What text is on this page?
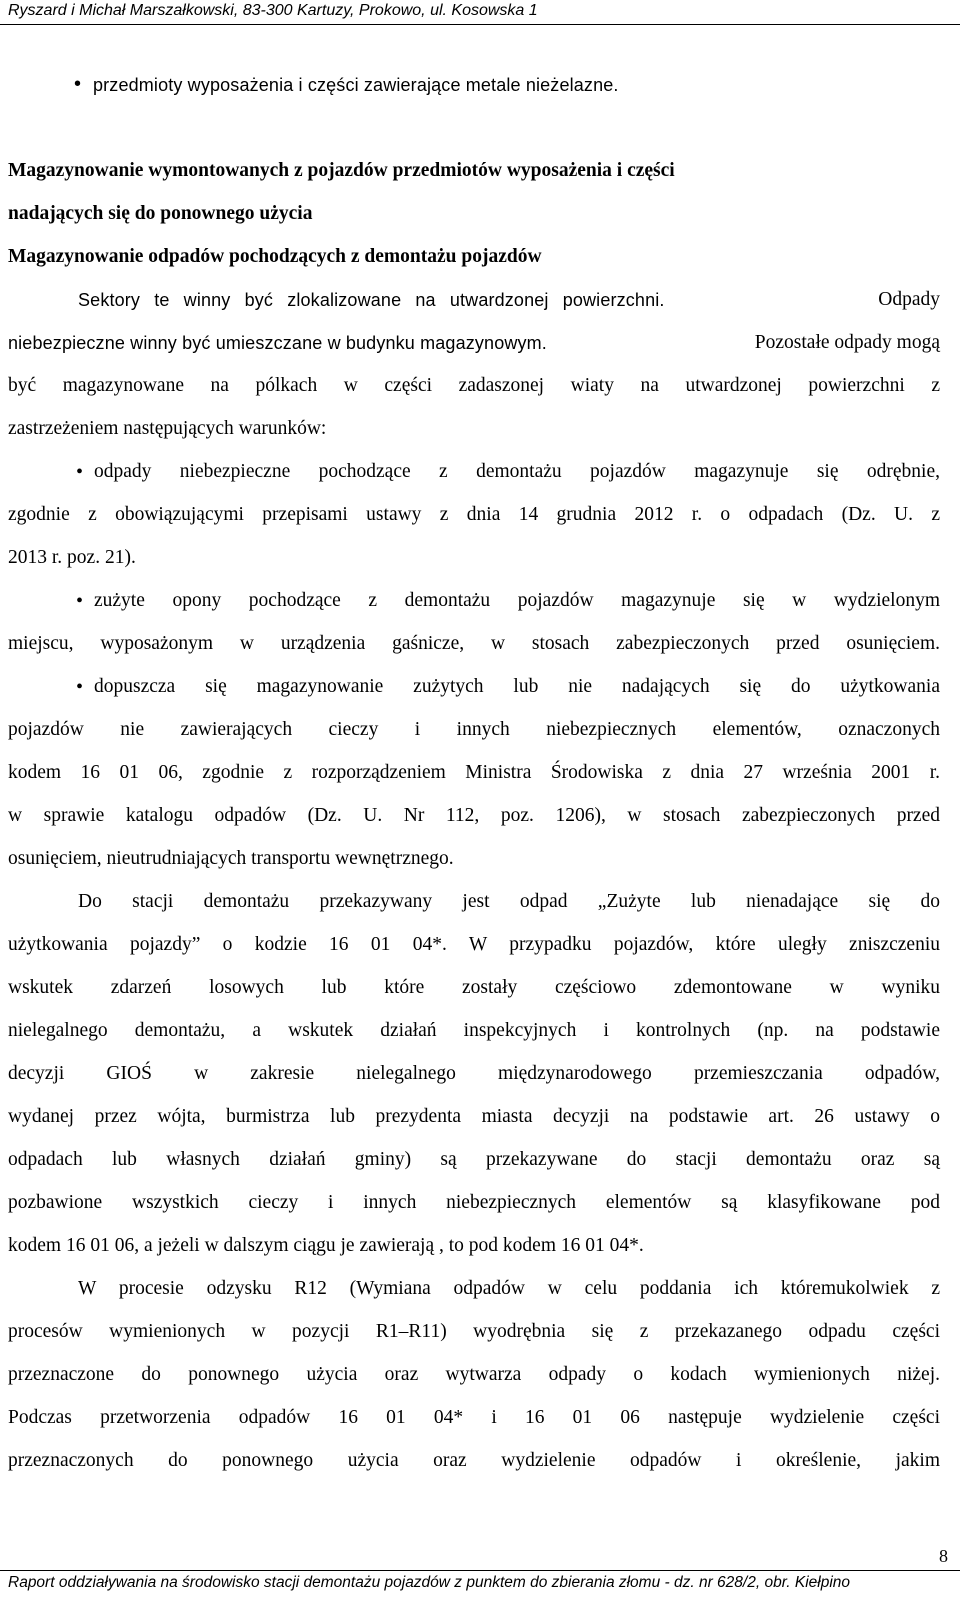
Ryszard i Michał Marszałkowski, 83-300 Kartuzy, Prokowo, ul. Kosowska 1
• przedmioty wyposażenia i części zawierające metale nieżelazne.
Magazynowanie wymontowanych z pojazdów przedmiotów wyposażenia i części
nadających się do ponownego użycia
Magazynowanie odpadów pochodzących z demontażu pojazdów
Sektory te winny być zlokalizowane na utwardzonej powierzchni.	Odpady
niebezpieczne winny być umieszczane w budynku magazynowym.	Pozostałe odpady mogą
być magazynowane na pólkach w części zadaszonej wiaty na utwardzonej powierzchni z
zastrzeżeniem następujących warunków:
• odpady niebezpieczne pochodzące z demontażu pojazdów magazynuje się odrębnie,
zgodnie z obowiązującymi przepisami ustawy z dnia 14 grudnia 2012 r. o odpadach (Dz. U. z
2013 r. poz. 21).
• zużyte opony pochodzące z demontażu pojazdów magazynuje się w wydzielonym
miejscu, wyposażonym w urządzenia gaśnicze, w stosach zabezpieczonych przed osunięciem.
• dopuszcza się magazynowanie zużytych lub nie nadających się do użytkowania
pojazdów nie zawierających cieczy i innych niebezpiecznych elementów, oznaczonych
kodem 16 01 06, zgodnie z rozporządzeniem Ministra Środowiska z dnia 27 września 2001 r.
w sprawie katalogu odpadów (Dz. U. Nr 112, poz. 1206), w stosach zabezpieczonych przed
osunięciem, nieutrudniających transportu wewnętrznego.
Do stacji demontażu przekazywany jest odpad „Zużyte lub nienadające się do
użytkowania pojazdy” o kodzie 16 01 04*. W przypadku pojazdów, które uległy zniszczeniu
wskutek zdarzeń losowych lub które zostały częściowo zdemontowane w wyniku
nielegalnego demontażu, a wskutek działań inspekcyjnych i kontrolnych (np. na podstawie
decyzji GIOŚ w zakresie nielegalnego międzynarodowego przemieszczania odpadów,
wydanej przez wójta, burmistrza lub prezydenta miasta decyzji na podstawie art. 26 ustawy o
odpadach lub własnych działań gminy) są przekazywane do stacji demontażu oraz są
pozbawione wszystkich cieczy i innych niebezpiecznych elementów są klasyfikowane pod
kodem 16 01 06, a jeżeli w dalszym ciągu je zawierają , to pod kodem 16 01 04*.
W procesie odzysku R12 (Wymiana odpadów w celu poddania ich któremukolwiek z
procesów wymienionych w pozycji R1–R11) wyodrębnia się z przekazanego odpadu części
przeznaczone do ponownego użycia oraz wytwarza odpady o kodach wymienionych niżej.
Podczas przetworzenia odpadów 16 01 04* i 16 01 06 następuje wydzielenie części
przeznaczonych do ponownego użycia oraz wydzielenie odpadów i określenie, jakim
8
Raport oddziaływania na środowisko stacji demontażu pojazdów z punktem do zbierania złomu - dz. nr 628/2, obr. Kiełpino
